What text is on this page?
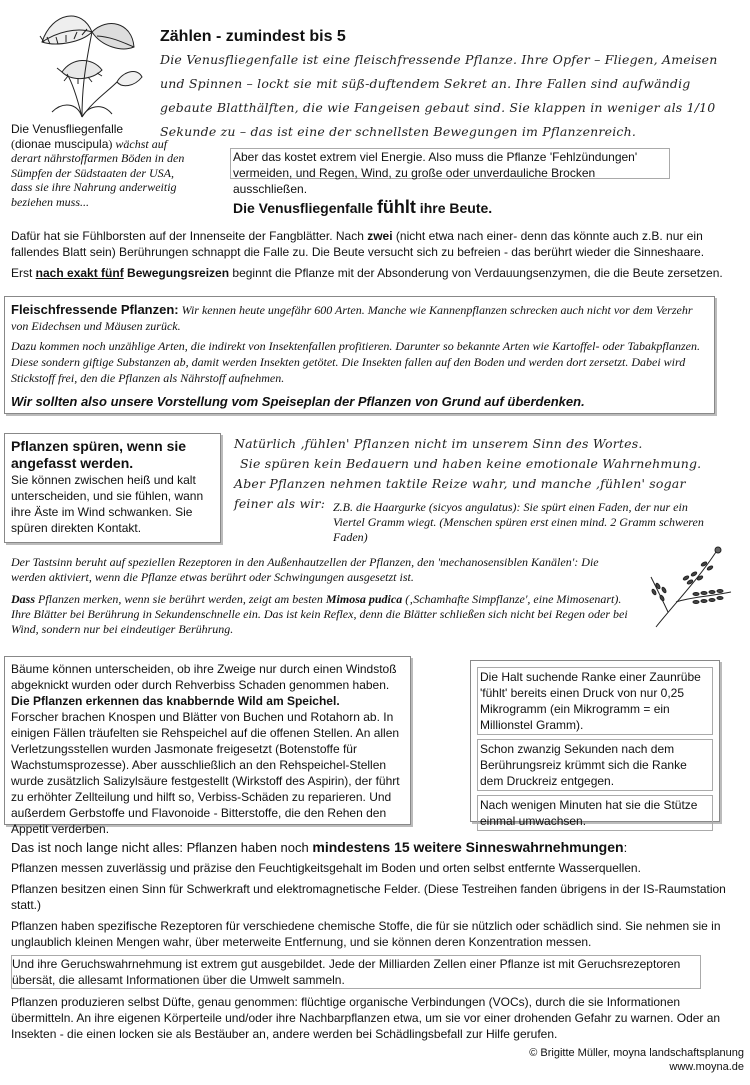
Zählen - zumindest bis 5
Die Venusfliegenfalle ist eine fleischfressende Pflanze. Ihre Opfer – Fliegen, Ameisen und Spinnen – lockt sie mit süß-duftendem Sekret an. Ihre Fallen sind aufwändig gebaute Blatthälften, die wie Fangeisen gebaut sind. Sie klappen in weniger als 1/10 Sekunde zu – das ist eine der schnellsten Bewegungen im Pflanzenreich.
Die Venusfliegenfalle
(dionae muscipula) wächst auf derart nährstoffarmen Böden in den Sümpfen der Südstaaten der USA, dass sie ihre Nahrung anderweitig beziehen muss...
Aber das kostet extrem viel Energie. Also muss die Pflanze 'Fehlzündungen' vermeiden, und Regen, Wind, zu große oder unverdauliche Brocken ausschließen.
Die Venusfliegenfalle fühlt ihre Beute.
Dafür hat sie Fühlborsten auf der Innenseite der Fangblätter. Nach zwei (nicht etwa nach einer- denn das könnte auch z.B. nur ein fallendes Blatt sein) Berührungen schnappt die Falle zu. Die Beute versucht sich zu befreien - das berührt wieder die Sinneshaare.
Erst nach exakt fünf Bewegungsreizen beginnt die Pflanze mit der Absonderung von Verdauungsenzymen, die die Beute zersetzen.

Fleischfressende Pflanzen: Wir kennen heute ungefähr 600 Arten. Manche wie Kannenpflanzen schrecken auch nicht vor dem Verzehr von Eidechsen und Mäusen zurück.

Dazu kommen noch unzählige Arten, die indirekt von Insektenfallen profitieren. Darunter so bekannte Arten wie Kartoffel- oder Tabakpflanzen. Diese sondern giftige Substanzen ab, damit werden Insekten getötet. Die Insekten fallen auf den Boden und werden dort zersetzt. Dabei wird Stickstoff frei, den die Pflanzen als Nährstoff aufnehmen.

Wir sollten also unsere Vorstellung vom Speiseplan der Pflanzen von Grund auf überdenken.

Pflanzen spüren, wenn sie angefasst werden.

Sie können zwischen heiß und kalt unterscheiden, und sie fühlen, wann ihre Äste im Wind schwanken. Sie spüren direkten Kontakt.

Natürlich ‚fühlen' Pflanzen nicht im unserem Sinn des Wortes.
Sie spüren kein Bedauern und haben keine emotionale Wahrnehmung.
Aber Pflanzen nehmen taktile Reize wahr, und manche ‚fühlen' sogar
feiner als wir: Z.B. die Haargurke (sicyos angulatus): Sie spürt einen Faden, der nur ein Viertel Gramm wiegt. (Menschen spüren erst einen mind. 2 Gramm schweren Faden)
Der Tastsinn beruht auf speziellen Rezeptoren in den Außenhautzellen der Pflanzen, den 'mechanosensiblen Kanälen': Die werden aktiviert, wenn die Pflanze etwas berührt oder Schwingungen ausgesetzt ist.
Dass Pflanzen merken, wenn sie berührt werden, zeigt am besten Mimosa pudica (‚Schamhafte Simpflanze', eine Mimosenart). Ihre Blätter bei Berührung in Sekundenschnelle ein. Das ist kein Reflex, denn die Blätter schließen sich nicht bei Regen oder bei Wind, sondern nur bei eindeutiger Berührung.
Bäume können unterscheiden, ob ihre Zweige nur durch einen Windstoß abgeknickt wurden oder durch Rehverbiss Schaden genommen haben. Die Pflanzen erkennen das knabbernde Wild am Speichel.
Forscher brachen Knospen und Blätter von Buchen und Rotahorn ab. In einigen Fällen träufelten sie Rehspeichel auf die offenen Stellen. An allen Verletzungsstellen wurden Jasmonate freigesetzt (Botenstoffe für Wachstumsprozesse). Aber ausschließlich an den Rehspeichel-Stellen wurde zusätzlich Salizylsäure festgestellt (Wirkstoff des Aspirin), der führt zu erhöhter Zellteilung und hilft so, Verbiss-Schäden zu reparieren. Und außerdem Gerbstoffe und Flavonoide - Bitterstoffe, die den Rehen den Appetit verderben.
Die Halt suchende Ranke einer Zaunrübe 'fühlt' bereits einen Druck von nur 0,25 Mikrogramm (ein Mikrogramm = ein Millionstel Gramm).
Schon zwanzig Sekunden nach dem Berührungsreiz krümmt sich die Ranke dem Druckreiz entgegen.
Nach wenigen Minuten hat sie die Stütze einmal umwachsen.
Das ist noch lange nicht alles: Pflanzen haben noch mindestens 15 weitere Sinneswahrnehmungen:

Pflanzen messen zuverlässig und präzise den Feuchtigkeitsgehalt im Boden und orten selbst entfernte Wasserquellen.

Pflanzen besitzen einen Sinn für Schwerkraft und elektromagnetische Felder. (Diese Testreihen fanden übrigens in der IS-Raumstation statt.)

Pflanzen haben spezifische Rezeptoren für verschiedene chemische Stoffe, die für sie nützlich oder schädlich sind. Sie nehmen sie in unglaublich kleinen Mengen wahr, über meterweite Entfernung, und sie können deren Konzentration messen.

Und ihre Geruchswahrnehmung ist extrem gut ausgebildet. Jede der Milliarden Zellen einer Pflanze ist mit Geruchsrezeptoren übersät, die allesamt Informationen über die Umwelt sammeln.

Pflanzen produzieren selbst Düfte, genau genommen: flüchtige organische Verbindungen (VOCs), durch die sie Informationen übermitteln. An ihre eigenen Körperteile und/oder ihre Nachbarpflanzen etwa, um sie vor einer drohenden Gefahr zu warnen. Oder an Insekten - die einen locken sie als Bestäuber an, andere werden bei Schädlingsbefall zur Hilfe gerufen.

© Brigitte Müller, moyna landschaftsplanung
www.moyna.de
